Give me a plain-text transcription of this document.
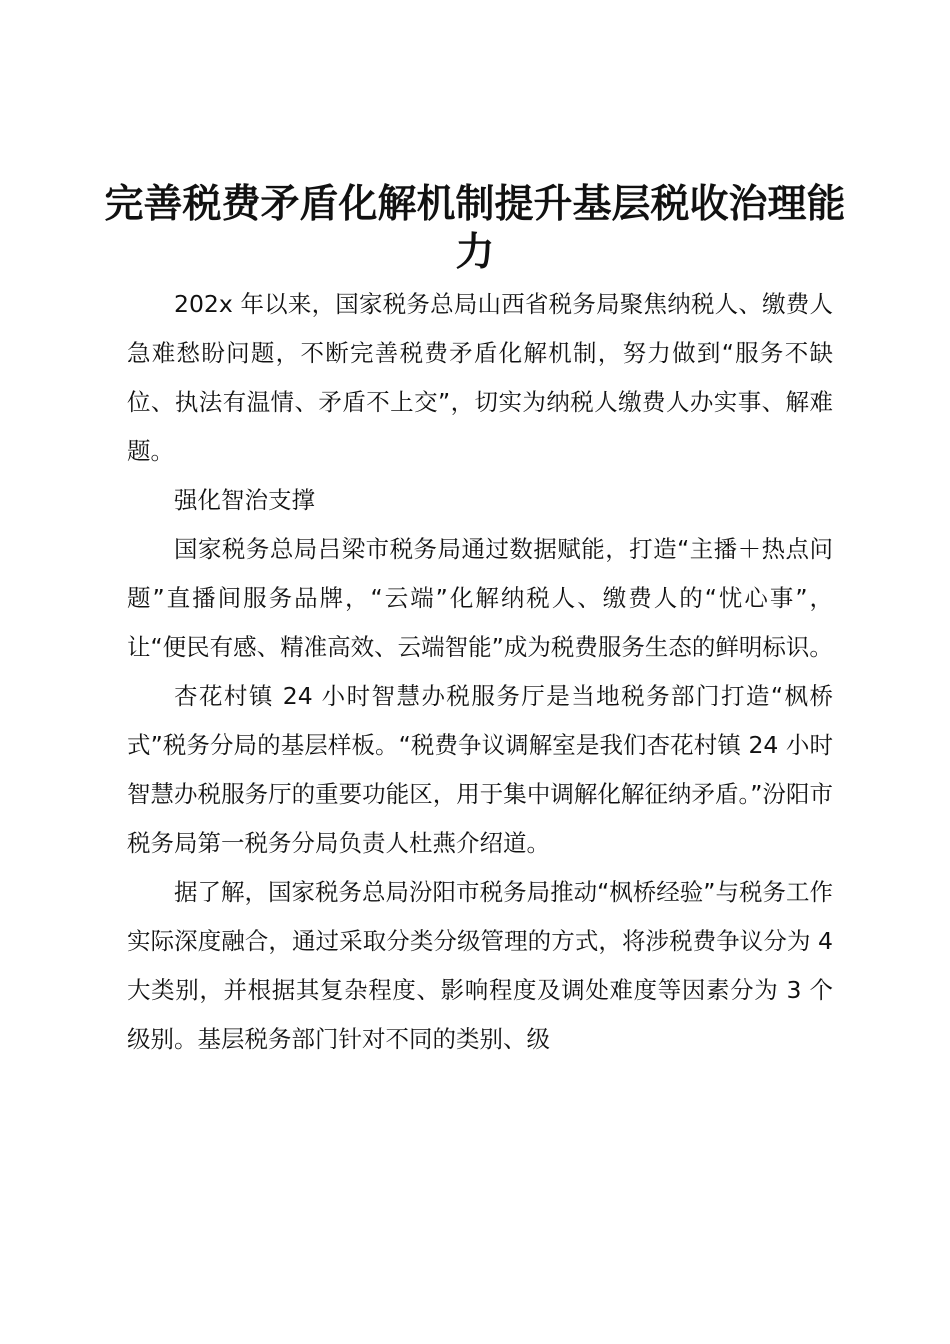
完善税费矛盾化解机制提升基层税收治理能力

202x 年以来，国家税务总局山西省税务局聚焦纳税人、缴费人急难愁盼问题，不断完善税费矛盾化解机制，努力做到“服务不缺位、执法有温情、矛盾不上交”，切实为纳税人缴费人办实事、解难题。

强化智治支撑

国家税务总局吕梁市税务局通过数据赋能，打造“主播＋热点问题”直播间服务品牌，“云端”化解纳税人、缴费人的“忧心事”，让“便民有感、精准高效、云端智能”成为税费服务生态的鲜明标识。

杏花村镇 24 小时智慧办税服务厅是当地税务部门打造“枫桥式”税务分局的基层样板。“税费争议调解室是我们杏花村镇 24 小时智慧办税服务厅的重要功能区，用于集中调解化解征纳矛盾。”汾阳市税务局第一税务分局负责人杜燕介绍道。

据了解，国家税务总局汾阳市税务局推动“枫桥经验”与税务工作实际深度融合，通过采取分类分级管理的方式，将涉税费争议分为 4 大类别，并根据其复杂程度、影响程度及调处难度等因素分为 3 个级别。基层税务部门针对不同的类别、级
